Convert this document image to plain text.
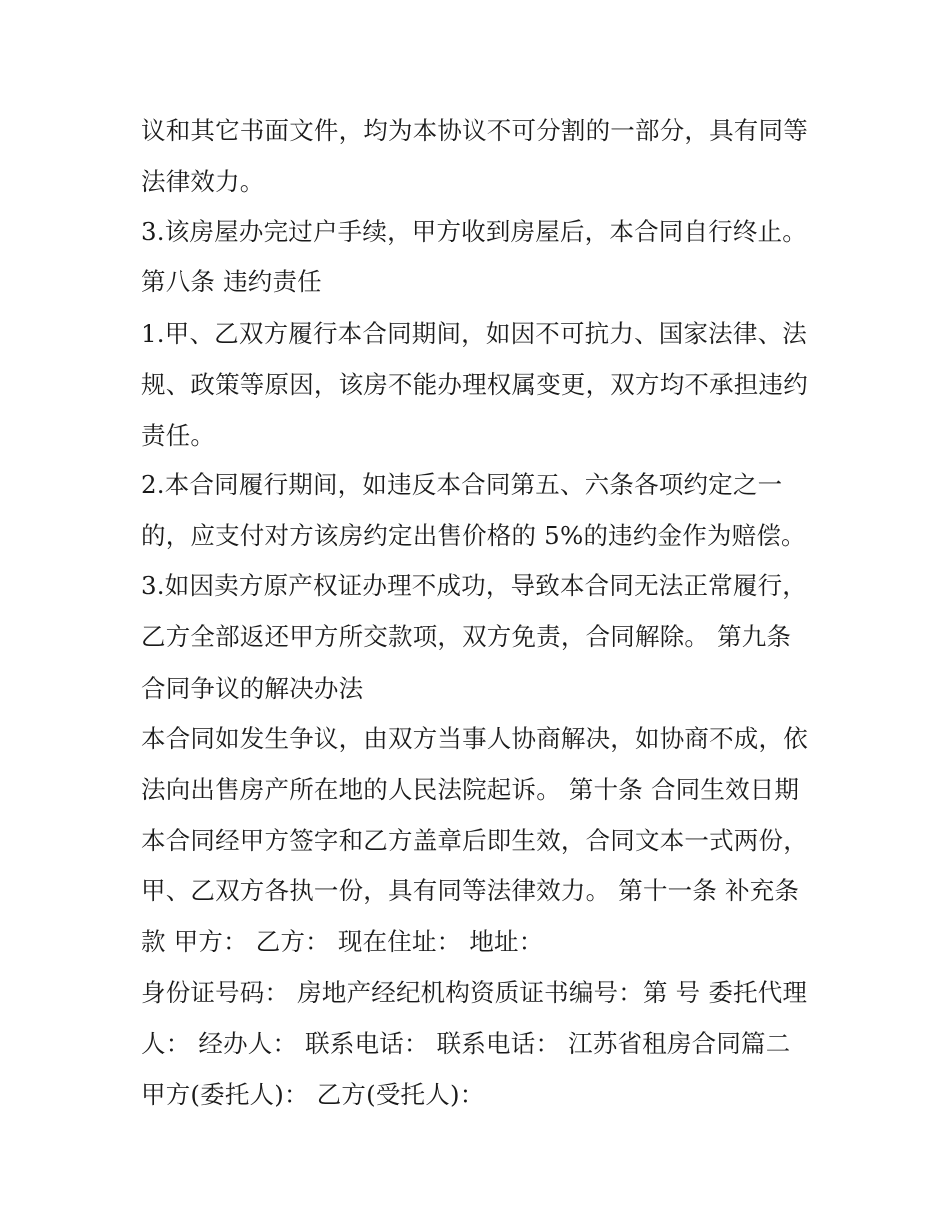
议和其它书面文件，均为本协议不可分割的一部分，具有同等

法律效力。

3.该房屋办完过户手续，甲方收到房屋后，本合同自行终止。

第八条 违约责任

1.甲、乙双方履行本合同期间，如因不可抗力、国家法律、法

规、政策等原因，该房不能办理权属变更，双方均不承担违约

责任。

2.本合同履行期间，如违反本合同第五、六条各项约定之一

的，应支付对方该房约定出售价格的 5%的违约金作为赔偿。

3.如因卖方原产权证办理不成功，导致本合同无法正常履行，

乙方全部返还甲方所交款项，双方免责，合同解除。 第九条

合同争议的解决办法

本合同如发生争议，由双方当事人协商解决，如协商不成，依

法向出售房产所在地的人民法院起诉。 第十条 合同生效日期

本合同经甲方签字和乙方盖章后即生效，合同文本一式两份，

甲、乙双方各执一份，具有同等法律效力。 第十一条 补充条

款 甲方： 乙方： 现在住址： 地址：

身份证号码： 房地产经纪机构资质证书编号：第 号 委托代理

人： 经办人： 联系电话： 联系电话： 江苏省租房合同篇二

甲方(委托人)： 乙方(受托人)：
